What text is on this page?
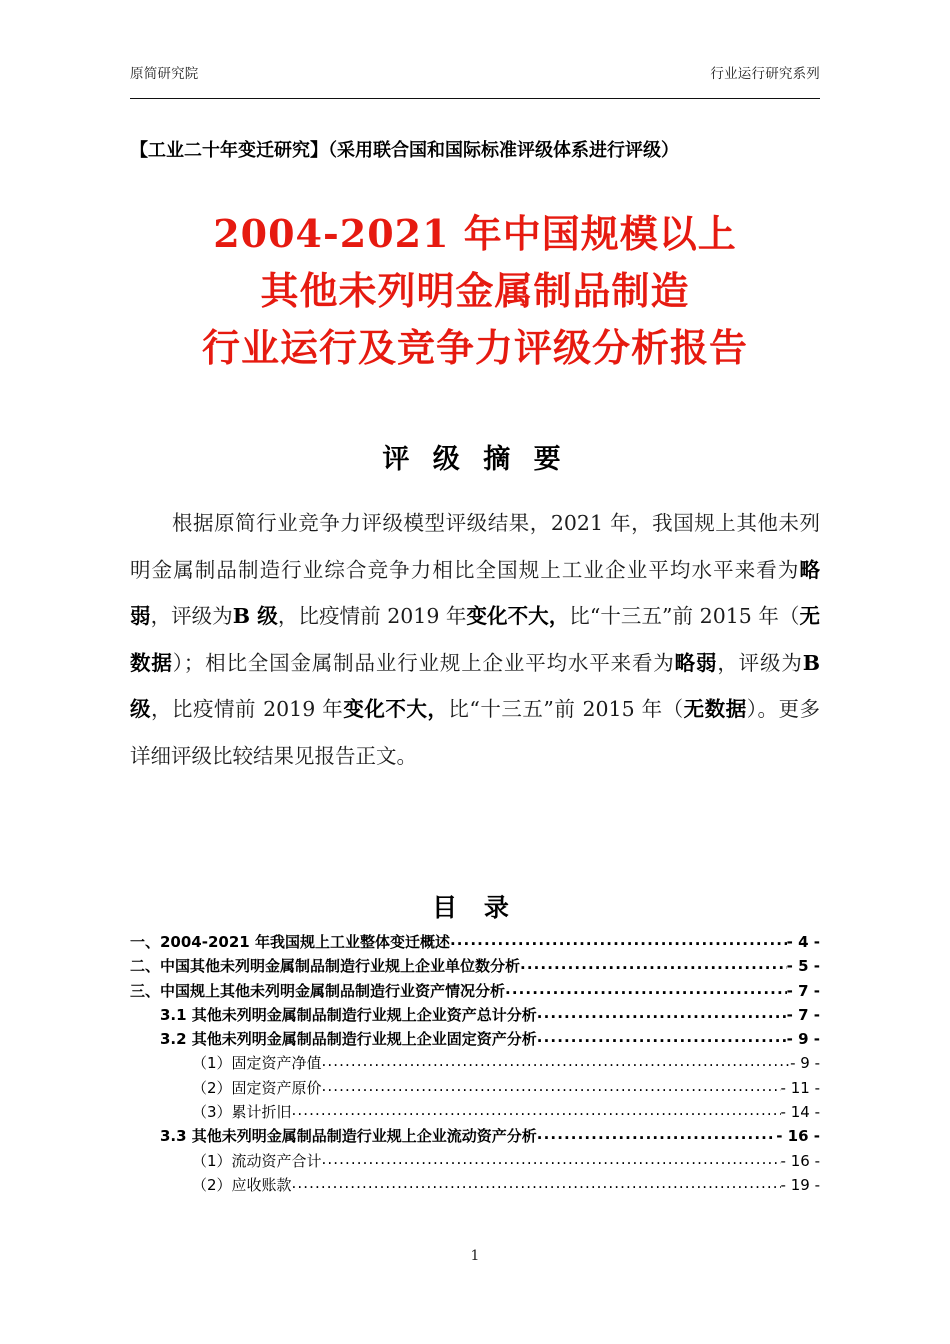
原简研究院	行业运行研究系列
【工业二十年变迁研究】（采用联合国和国际标准评级体系进行评级）
2004-2021 年中国规模以上
其他未列明金属制品制造
行业运行及竞争力评级分析报告
评 级 摘 要
根据原简行业竞争力评级模型评级结果，2021 年，我国规上其他未列明金属制品制造行业综合竞争力相比全国规上工业企业平均水平来看为略弱，评级为B 级，比疫情前 2019 年变化不大，比“十三五”前 2015 年（无数据）；相比全国金属制品业行业规上企业平均水平来看为略弱，评级为B 级，比疫情前 2019 年变化不大，比“十三五”前 2015 年（无数据）。更多详细评级比较结果见报告正文。
目 录
一、2004-2021 年我国规上工业整体变迁概述 .....	- 4 -
二、中国其他未列明金属制品制造行业规上企业单位数分析 .....	- 5 -
三、中国规上其他未列明金属制品制造行业资产情况分析 .....	- 7 -
3.1 其他未列明金属制品制造行业规上企业资产总计分析 .....	- 7 -
3.2 其他未列明金属制品制造行业规上企业固定资产分析 .....	- 9 -
（1）固定资产净值 .....	- 9 -
（2）固定资产原价 .....	- 11 -
（3）累计折旧 .....	- 14 -
3.3 其他未列明金属制品制造行业规上企业流动资产分析 .....	- 16 -
（1）流动资产合计 .....	- 16 -
（2）应收账款 .....	- 19 -
1
